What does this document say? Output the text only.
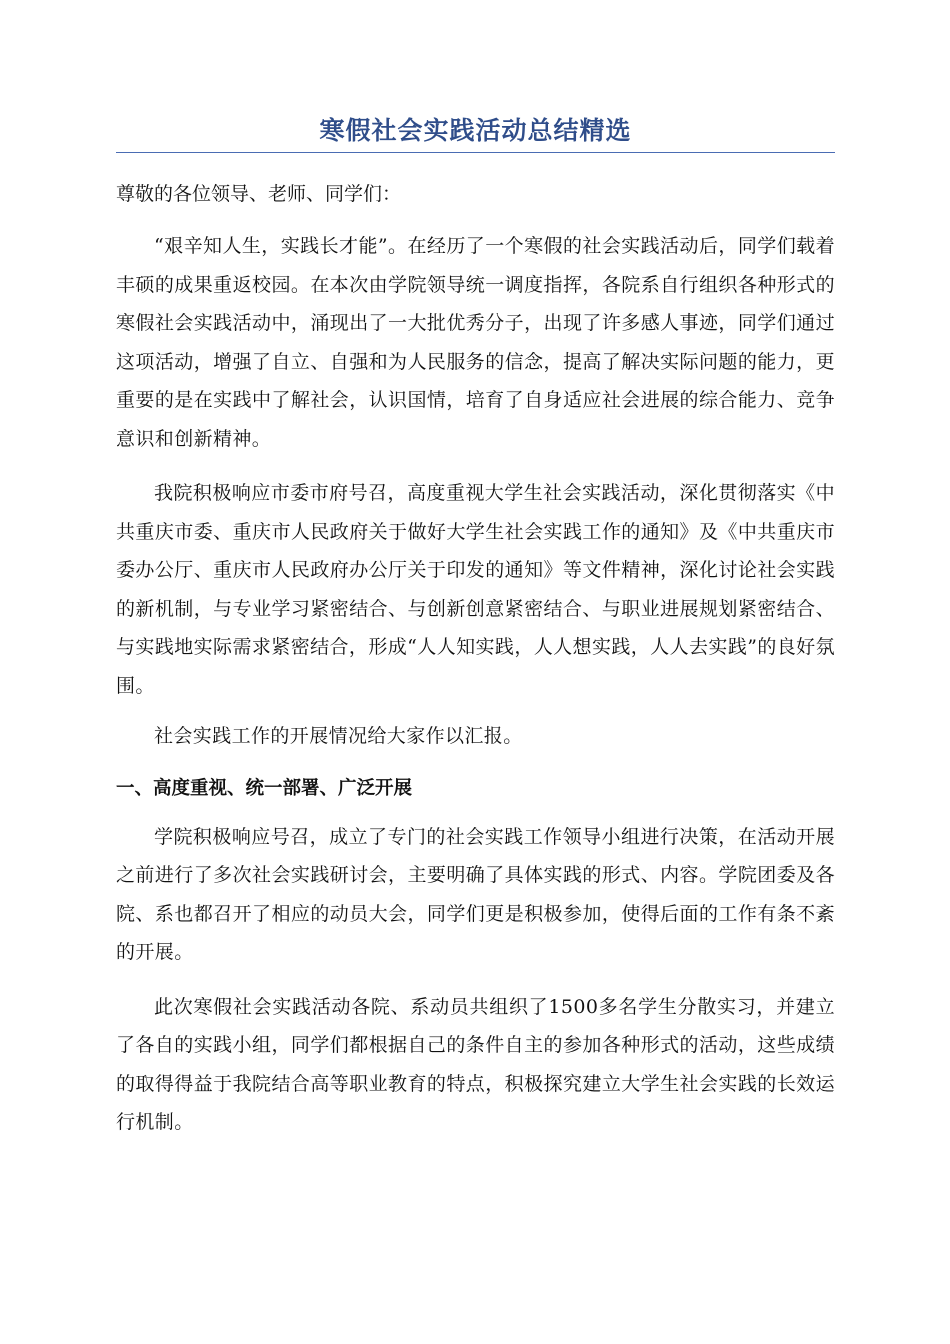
寒假社会实践活动总结精选

尊敬的各位领导、老师、同学们：

“艰辛知人生，实践长才能”。在经历了一个寒假的社会实践活动后，同学们载着丰硕的成果重返校园。在本次由学院领导统一调度指挥，各院系自行组织各种形式的寒假社会实践活动中，涌现出了一大批优秀分子，出现了许多感人事迹，同学们通过这项活动，增强了自立、自强和为人民服务的信念，提高了解决实际问题的能力，更重要的是在实践中了解社会，认识国情，培育了自身适应社会进展的综合能力、竞争意识和创新精神。

我院积极响应市委市府号召，高度重视大学生社会实践活动，深化贯彻落实《中共重庆市委、重庆市人民政府关于做好大学生社会实践工作的通知》及《中共重庆市委办公厅、重庆市人民政府办公厅关于印发的通知》等文件精神，深化讨论社会实践的新机制，与专业学习紧密结合、与创新创意紧密结合、与职业进展规划紧密结合、与实践地实际需求紧密结合，形成“人人知实践，人人想实践，人人去实践”的良好氛围。

社会实践工作的开展情况给大家作以汇报。

一、高度重视、统一部署、广泛开展

学院积极响应号召，成立了专门的社会实践工作领导小组进行决策，在活动开展之前进行了多次社会实践研讨会，主要明确了具体实践的形式、内容。学院团委及各院、系也都召开了相应的动员大会，同学们更是积极参加，使得后面的工作有条不紊的开展。

此次寒假社会实践活动各院、系动员共组织了1500多名学生分散实习，并建立了各自的实践小组，同学们都根据自己的条件自主的参加各种形式的活动，这些成绩的取得得益于我院结合高等职业教育的特点，积极探究建立大学生社会实践的长效运行机制。
